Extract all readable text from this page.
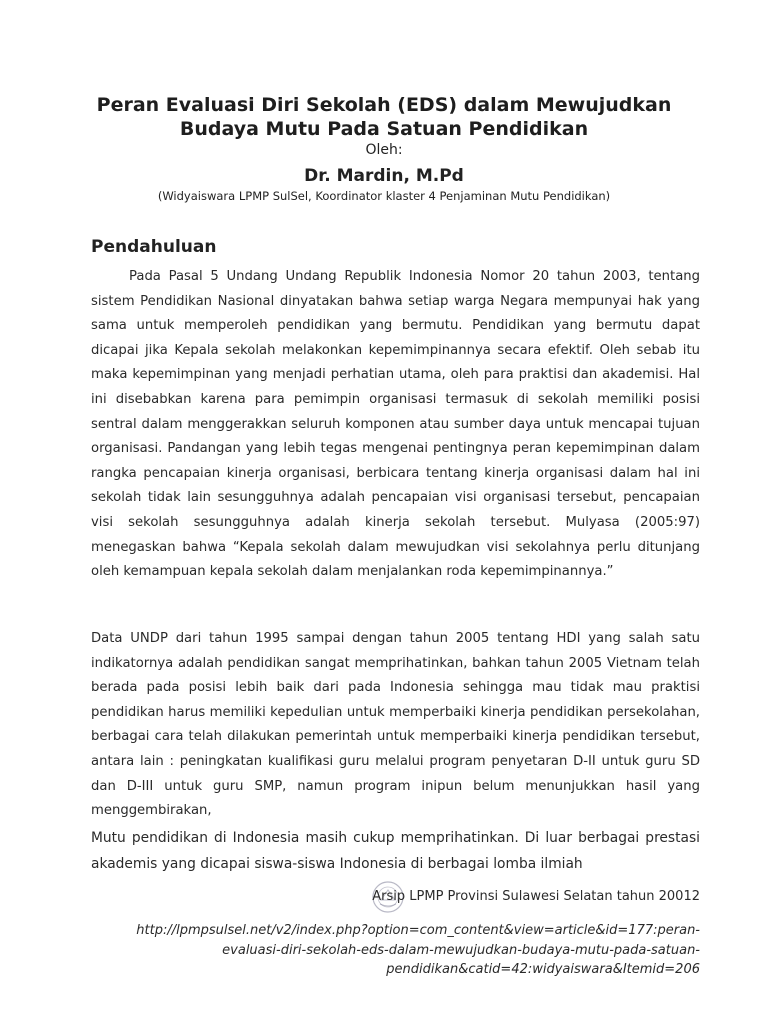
Peran Evaluasi Diri Sekolah (EDS) dalam Mewujudkan
Budaya Mutu Pada Satuan Pendidikan
Oleh:
Dr. Mardin, M.Pd
(Widyaiswara LPMP SulSel, Koordinator klaster 4 Penjaminan Mutu Pendidikan)
Pendahuluan
Pada Pasal 5 Undang Undang Republik Indonesia Nomor 20 tahun 2003, tentang sistem Pendidikan Nasional dinyatakan bahwa setiap warga Negara mempunyai hak yang sama untuk memperoleh pendidikan yang bermutu. Pendidikan yang bermutu dapat dicapai jika Kepala sekolah melakonkan kepemimpinannya secara efektif. Oleh sebab itu maka kepemimpinan yang menjadi perhatian utama, oleh para praktisi dan akademisi. Hal ini disebabkan karena para pemimpin organisasi termasuk di sekolah memiliki posisi sentral dalam menggerakkan seluruh komponen atau sumber daya untuk mencapai tujuan organisasi. Pandangan yang lebih tegas mengenai pentingnya peran kepemimpinan dalam rangka pencapaian kinerja organisasi, berbicara tentang kinerja organisasi dalam hal ini sekolah tidak lain sesungguhnya adalah pencapaian visi organisasi tersebut, pencapaian visi sekolah sesungguhnya adalah kinerja sekolah tersebut. Mulyasa (2005:97) menegaskan bahwa “Kepala sekolah dalam mewujudkan visi sekolahnya perlu ditunjang oleh kemampuan kepala sekolah dalam menjalankan roda kepemimpinannya.”
Data UNDP dari tahun 1995 sampai dengan tahun 2005 tentang HDI yang salah satu indikatornya adalah pendidikan sangat memprihatinkan, bahkan tahun 2005 Vietnam telah berada pada posisi lebih baik dari pada Indonesia sehingga mau tidak mau praktisi pendidikan harus memiliki kepedulian untuk memperbaiki kinerja pendidikan persekolahan, berbagai cara telah dilakukan pemerintah untuk memperbaiki kinerja pendidikan tersebut, antara lain : peningkatan kualifikasi guru melalui program penyetaran D-II untuk guru SD dan D-III untuk guru SMP, namun program inipun belum menunjukkan hasil yang menggembirakan,
Mutu pendidikan di Indonesia masih cukup memprihatinkan. Di luar berbagai prestasi akademis yang dicapai siswa-siswa Indonesia di berbagai lomba ilmiah
Arsip LPMP Provinsi Sulawesi Selatan tahun 20012
http://lpmpsulsel.net/v2/index.php?option=com_content&view=article&id=177:peran-evaluasi-diri-sekolah-eds-dalam-mewujudkan-budaya-mutu-pada-satuan-pendidikan&catid=42:widyaiswara&Itemid=206
